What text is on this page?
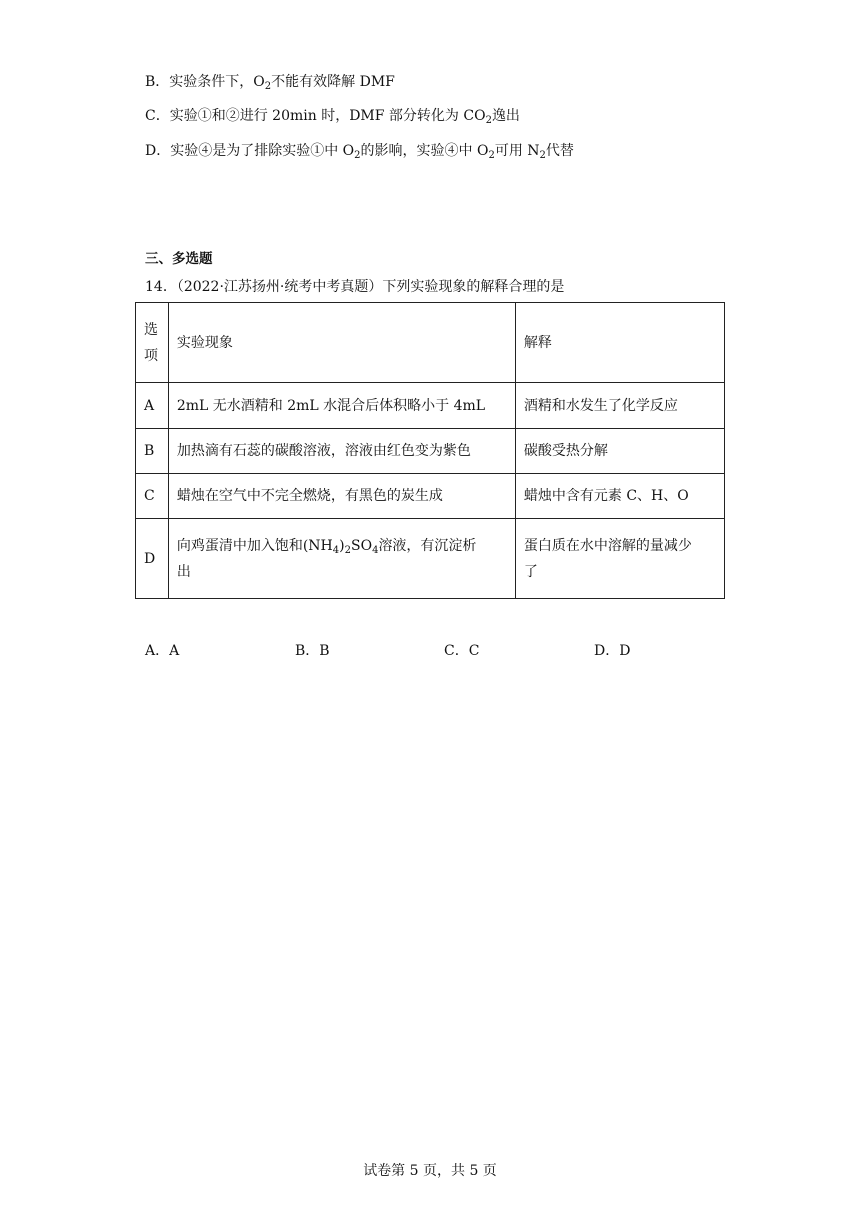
B．实验条件下，$O_2$不能有效降解 DMF
C．实验①和②进行 20min 时，DMF 部分转化为 $CO_2$逸出
D．实验④是为了排除实验①中 $O_2$的影响，实验④中 $O_2$可用 $N_2$代替
三、多选题
14．（2022·江苏扬州·统考中考真题）下列实验现象的解释合理的是
选
项	实验现象	解释
A	2mL 无水酒精和 2mL 水混合后体积略小于 4mL	酒精和水发生了化学反应
B	加热滴有石蕊的碳酸溶液，溶液由红色变为紫色	碳酸受热分解
C	蜡烛在空气中不完全燃烧，有黑色的炭生成	蜡烛中含有元素 C、H、O
D	向鸡蛋清中加入饱和$(NH_4)_2SO_4$溶液，有沉淀析
出	蛋白质在水中溶解的量减少
了
A．A	B．B	C．C	D．D
试卷第 5 页，共 5 页
